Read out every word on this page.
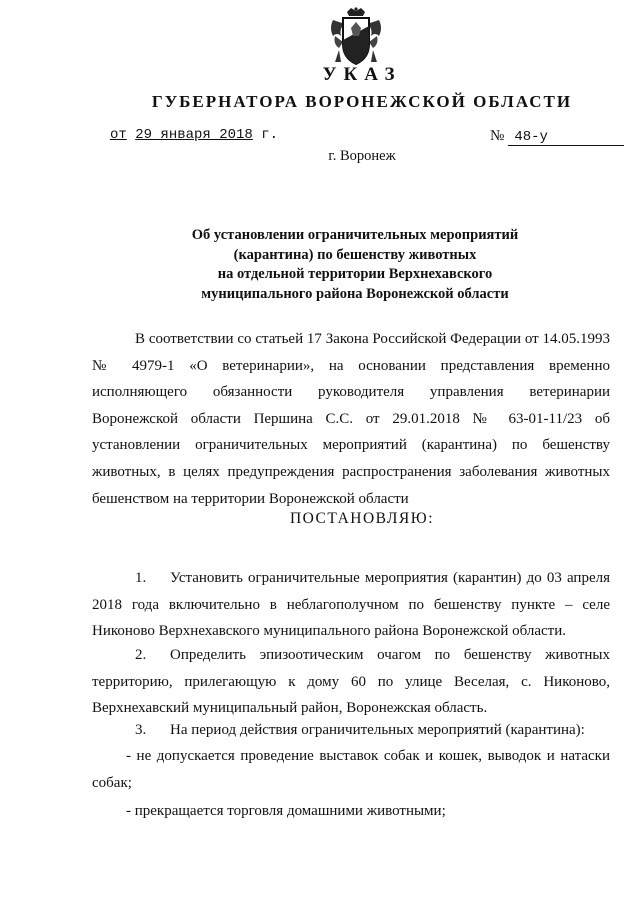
УКАЗ
ГУБЕРНАТОРА ВОРОНЕЖСКОЙ ОБЛАСТИ
от 29 января 2018 г.	№ 48-у
г. Воронеж
Об установлении ограничительных мероприятий
(карантина) по бешенству животных
на отдельной территории Верхнехавского
муниципального района Воронежской области
В соответствии со статьей 17 Закона Российской Федерации от 14.05.1993 № 4979-1 «О ветеринарии», на основании представления временно исполняющего обязанности руководителя управления ветеринарии Воронежской области Першина С.С. от 29.01.2018 № 63-01-11/23 об установлении ограничительных мероприятий (карантина) по бешенству животных, в целях предупреждения распространения заболевания животных бешенством на территории Воронежской области
ПОСТАНОВЛЯЮ:
1. Установить ограничительные мероприятия (карантин) до 03 апреля 2018 года включительно в неблагополучном по бешенству пункте – селе Никоново Верхнехавского муниципального района Воронежской области.
2. Определить эпизоотическим очагом по бешенству животных территорию, прилегающую к дому 60 по улице Веселая, с. Никоново, Верхнехавский муниципальный район, Воронежская область.
3. На период действия ограничительных мероприятий (карантина):
- не допускается проведение выставок собак и кошек, выводок и натаски собак;
- прекращается торговля домашними животными;
